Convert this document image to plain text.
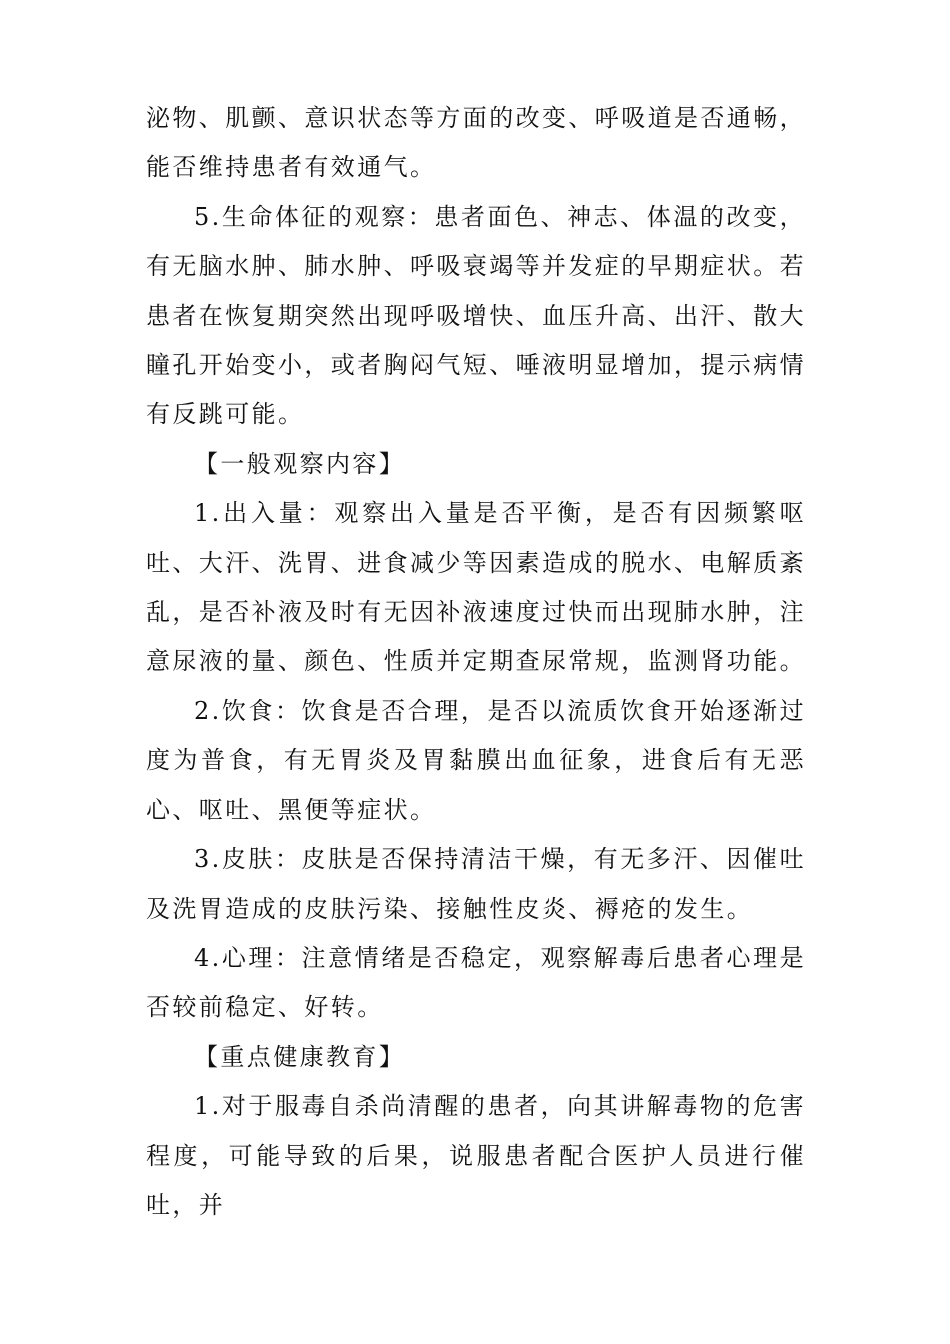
泌物、肌颤、意识状态等方面的改变、呼吸道是否通畅，能否维持患者有效通气。

5.生命体征的观察：患者面色、神志、体温的改变，有无脑水肿、肺水肿、呼吸衰竭等并发症的早期症状。若患者在恢复期突然出现呼吸增快、血压升高、出汗、散大瞳孔开始变小，或者胸闷气短、唾液明显增加，提示病情有反跳可能。

【一般观察内容】

1.出入量：观察出入量是否平衡，是否有因频繁呕吐、大汗、洗胃、进食减少等因素造成的脱水、电解质紊乱，是否补液及时有无因补液速度过快而出现肺水肿，注意尿液的量、颜色、性质并定期查尿常规，监测肾功能。

2.饮食：饮食是否合理，是否以流质饮食开始逐渐过度为普食，有无胃炎及胃黏膜出血征象，进食后有无恶心、呕吐、黑便等症状。

3.皮肤：皮肤是否保持清洁干燥，有无多汗、因催吐及洗胃造成的皮肤污染、接触性皮炎、褥疮的发生。

4.心理：注意情绪是否稳定，观察解毒后患者心理是否较前稳定、好转。

【重点健康教育】

1.对于服毒自杀尚清醒的患者，向其讲解毒物的危害程度，可能导致的后果，说服患者配合医护人员进行催吐，并
